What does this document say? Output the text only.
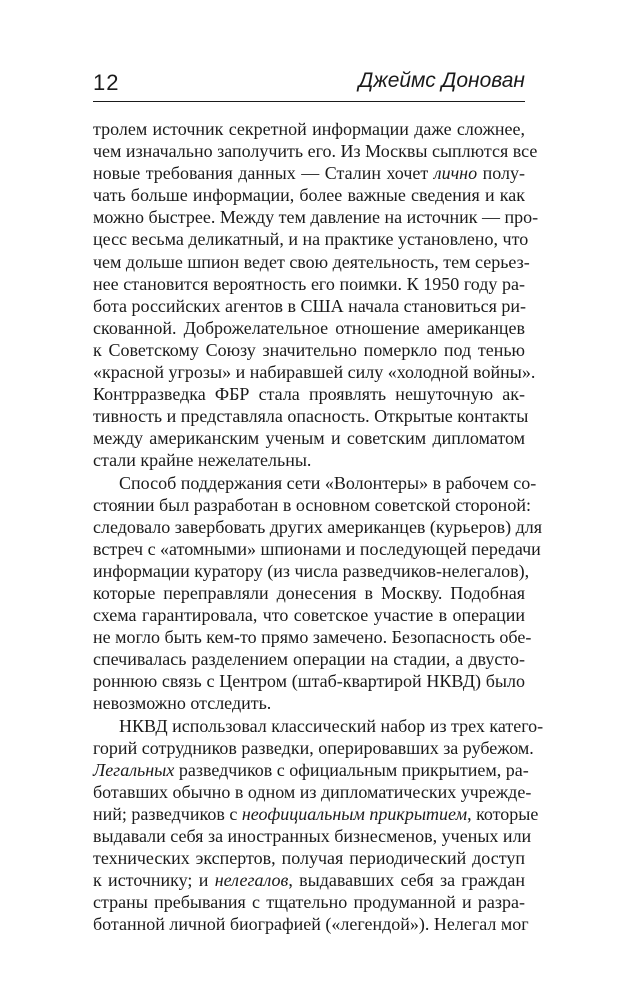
12	Джеймс Донован
тролем источник секретной информации даже сложнее,
чем изначально заполучить его. Из Москвы сыплются все
новые требования данных — Сталин хочет лично полу-
чать больше информации, более важные сведения и как
можно быстрее. Между тем давление на источник — про-
цесс весьма деликатный, и на практике установлено, что
чем дольше шпион ведет свою деятельность, тем серьез-
нее становится вероятность его поимки. К 1950 году ра-
бота российских агентов в США начала становиться ри-
скованной. Доброжелательное отношение американцев
к Советскому Союзу значительно померкло под тенью
«красной угрозы» и набиравшей силу «холодной войны».
Контрразведка ФБР стала проявлять нешуточную ак-
тивность и представляла опасность. Открытые контакты
между американским ученым и советским дипломатом
стали крайне нежелательны.
Способ поддержания сети «Волонтеры» в рабочем со-
стоянии был разработан в основном советской стороной:
следовало завербовать других американцев (курьеров) для
встреч с «атомными» шпионами и последующей передачи
информации куратору (из числа разведчиков-нелегалов),
которые переправляли донесения в Москву. Подобная
схема гарантировала, что советское участие в операции
не могло быть кем-то прямо замечено. Безопасность обе-
спечивалась разделением операции на стадии, а двусто-
роннюю связь с Центром (штаб-квартирой НКВД) было
невозможно отследить.
НКВД использовал классический набор из трех катего-
горий сотрудников разведки, оперировавших за рубежом.
Легальных разведчиков с официальным прикрытием, ра-
ботавших обычно в одном из дипломатических учрежде-
ний; разведчиков с неофициальным прикрытием, которые
выдавали себя за иностранных бизнесменов, ученых или
технических экспертов, получая периодический доступ
к источнику; и нелегалов, выдававших себя за граждан
страны пребывания с тщательно продуманной и разра-
ботанной личной биографией («легендой»). Нелегал мог
